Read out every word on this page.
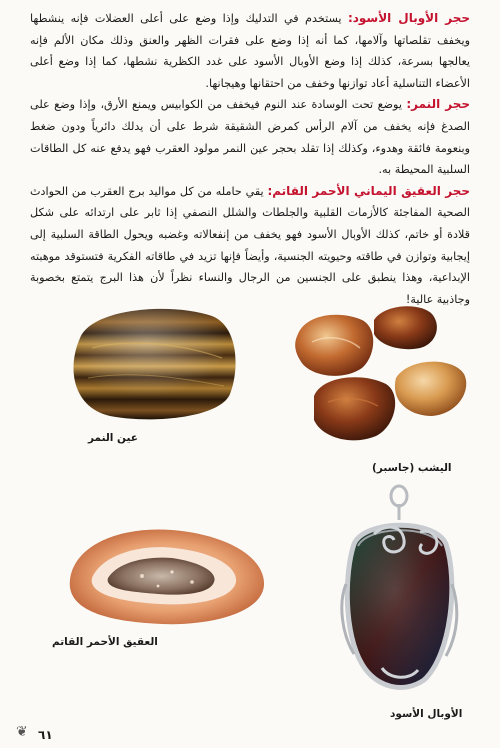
حجر الأوبال الأسود: يستخدم في التدليك وإذا وضع على أعلى العضلات فإنه ينشطها ويخفف تقلصاتها وآلامها، كما أنه إذا وضع على فقرات الظهر والعنق وذلك مكان الألم فإنه يعالجها بسرعة، كذلك إذا وضع الأوبال الأسود على غدد الكظرية نشطها، كما إذا وضع أعلى الأعضاء التناسلية أعاد توازنها وخفف من احتقانها وهيجانها.

حجر النمر: يوضع تحت الوسادة عند النوم فيخفف من الكوابيس ويمنع الأرق، وإذا وضع على الصدغ فإنه يخفف من آلام الرأس كمرض الشقيقة شرط على أن يدلك دائرياً ودون ضغط وبنعومة فائقة وهدوء، وكذلك إذا تقلد بحجر عين النمر مولود العقرب فهو يدفع عنه كل الطاقات السلبية المحيطة به.

حجر العقيق اليماني الأحمر القاتم: يقي حامله من كل مواليد برج العقرب من الحوادث الصحية المفاجئة كالأزمات القلبية والجلطات والشلل النصفي إذا ثابر على ارتدائه على شكل قلادة أو خاتم، كذلك الأوبال الأسود فهو يخفف من إنفعالاته وغضبه ويحول الطاقة السلبية إلى إيجابية وتوازن في طاقته وحيويته الجنسية، وأيضاً فإنها تزيد في طاقاته الفكرية فتستوقد موهبته الإبداعية، وهذا ينطبق على الجنسين من الرجال والنساء نظراً لأن هذا البرج يتمتع بخصوبة وجاذبية عالية!

عين النمر
اليشب (جاسبر)
العقيق الأحمر القاتم
الأوبال الأسود
٦١
❦
